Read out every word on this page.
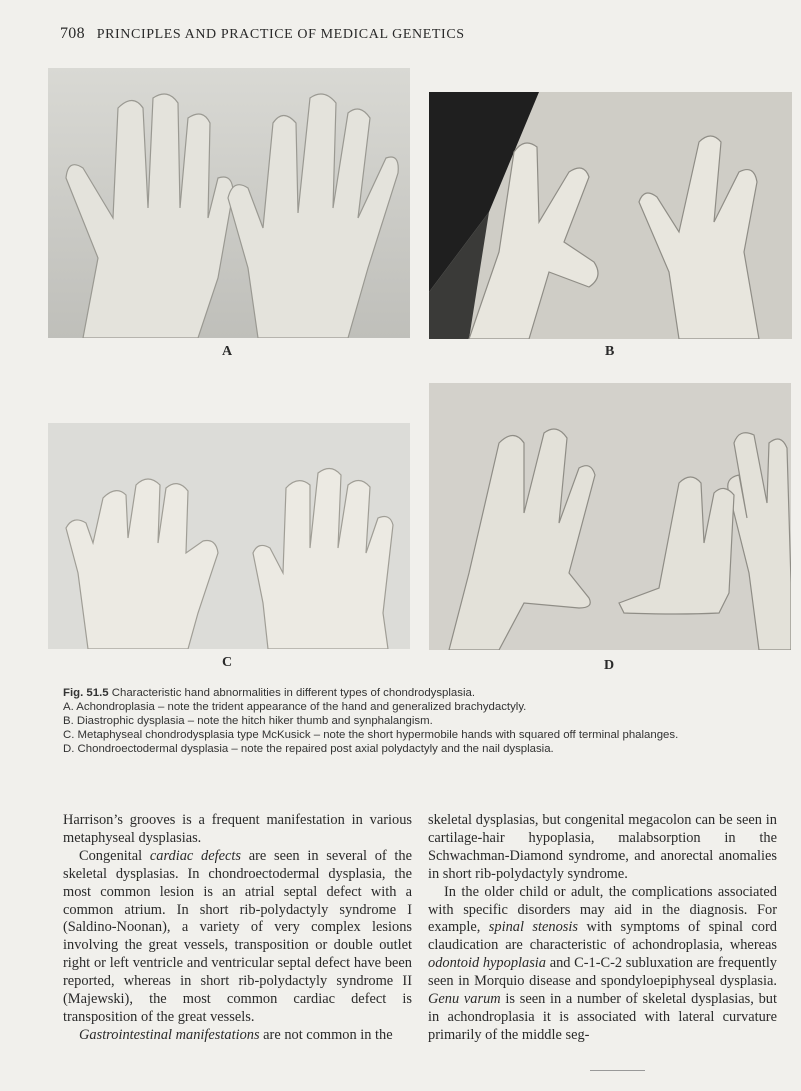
708 PRINCIPLES AND PRACTICE OF MEDICAL GENETICS
A	B
C	D
Fig. 51.5 Characteristic hand abnormalities in different types of chondrodysplasia.
A. Achondroplasia – note the trident appearance of the hand and generalized brachydactyly.
B. Diastrophic dysplasia – note the hitch hiker thumb and synphalangism.
C. Metaphyseal chondrodysplasia type McKusick – note the short hypermobile hands with squared off terminal phalanges.
D. Chondroectodermal dysplasia – note the repaired post axial polydactyly and the nail dysplasia.

Harrison’s grooves is a frequent manifestation in various metaphyseal dysplasias.

Congenital cardiac defects are seen in several of the skeletal dysplasias. In chondroectodermal dysplasia, the most common lesion is an atrial septal defect with a common atrium. In short rib-polydactyly syndrome I (Saldino-Noonan), a variety of very complex lesions involving the great vessels, transposition or double outlet right or left ventricle and ventricular septal defect have been reported, whereas in short rib-polydactyly syndrome II (Majewski), the most common cardiac defect is transposition of the great vessels.

Gastrointestinal manifestations are not common in the

skeletal dysplasias, but congenital megacolon can be seen in cartilage-hair hypoplasia, malabsorption in the Schwachman-Diamond syndrome, and anorectal anomalies in short rib-polydactyly syndrome.

In the older child or adult, the complications associated with specific disorders may aid in the diagnosis. For example, spinal stenosis with symptoms of spinal cord claudication are characteristic of achondroplasia, whereas odontoid hypoplasia and C-1-C-2 subluxation are frequently seen in Morquio disease and spondyloepiphyseal dysplasia. Genu varum is seen in a number of skeletal dysplasias, but in achondroplasia it is associated with lateral curvature primarily of the middle seg-
